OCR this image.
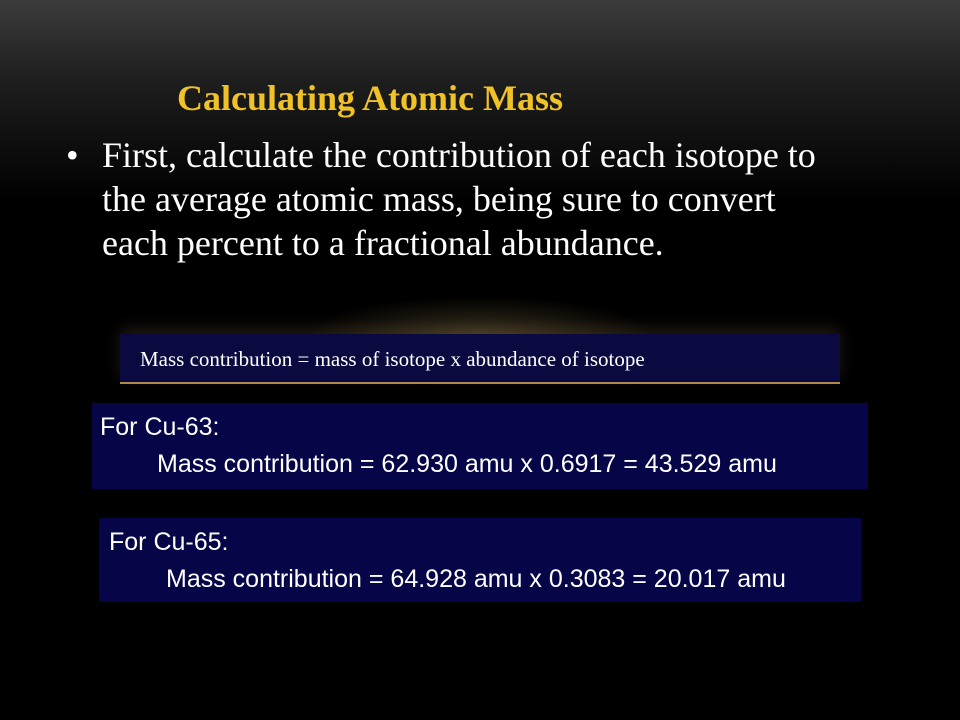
Calculating Atomic Mass
• First, calculate the contribution of each isotope to the average atomic mass, being sure to convert each percent to a fractional abundance.

Mass contribution = mass of isotope x abundance of isotope
For Cu-63:
Mass contribution = 62.930 amu x 0.6917 = 43.529 amu
For Cu-65:
Mass contribution = 64.928 amu x 0.3083 = 20.017 amu
